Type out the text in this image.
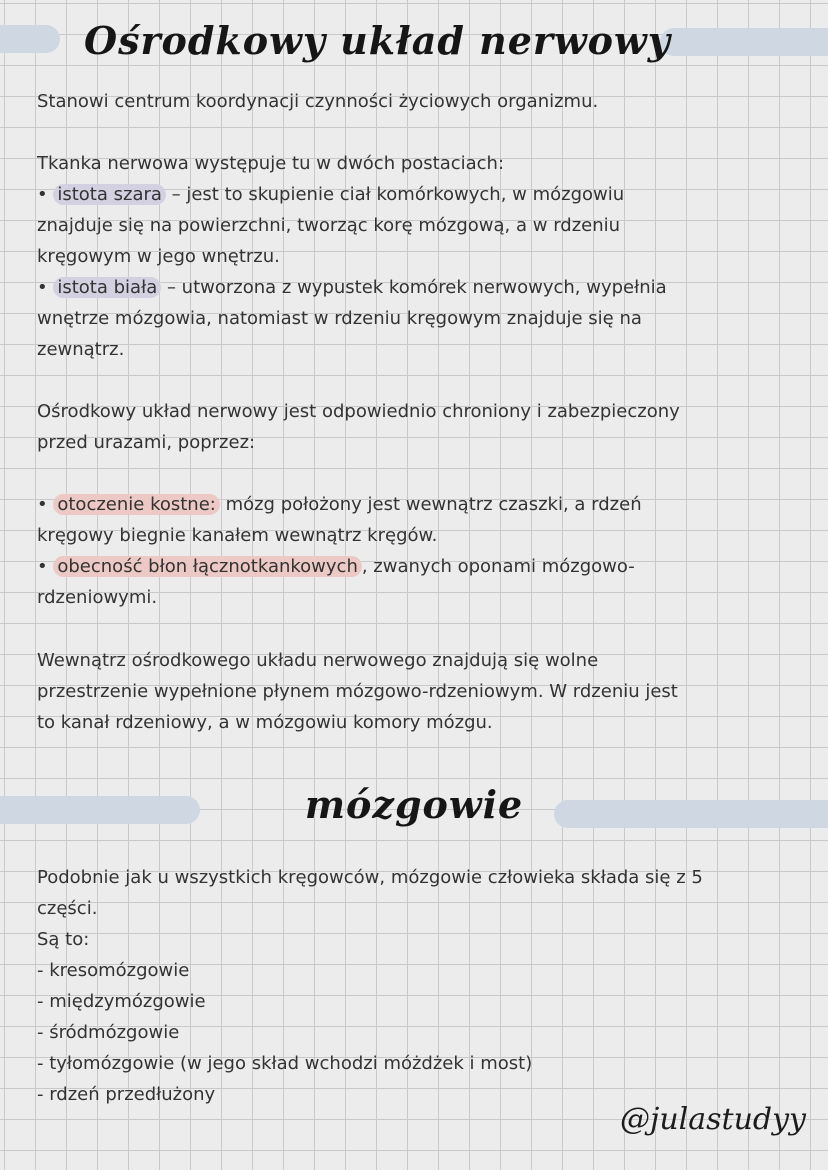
Ośrodkowy układ nerwowy

Stanowi centrum koordynacji czynności życiowych organizmu.

Tkanka nerwowa występuje tu w dwóch postaciach:
• istota szara – jest to skupienie ciał komórkowych, w mózgowiu
znajduje się na powierzchni, tworząc korę mózgową, a w rdzeniu
kręgowym w jego wnętrzu.
• istota biała – utworzona z wypustek komórek nerwowych, wypełnia
wnętrze mózgowia, natomiast w rdzeniu kręgowym znajduje się na
zewnątrz.
Ośrodkowy układ nerwowy jest odpowiednio chroniony i zabezpieczony
przed urazami, poprzez:
• otoczenie kostne: mózg położony jest wewnątrz czaszki, a rdzeń
kręgowy biegnie kanałem wewnątrz kręgów.
• obecność błon łącznotkankowych , zwanych oponami mózgowo-
rdzeniowymi.
Wewnątrz ośrodkowego układu nerwowego znajdują się wolne
przestrzenie wypełnione płynem mózgowo-rdzeniowym. W rdzeniu jest
to kanał rdzeniowy, a w mózgowiu komory mózgu.
mózgowie
Podobnie jak u wszystkich kręgowców, mózgowie człowieka składa się z 5
części.
Są to:
- kresomózgowie
- międzymózgowie
- śródmózgowie
- tyłomózgowie (w jego skład wchodzi móżdżek i most)
- rdzeń przedłużony

@julastudyy
